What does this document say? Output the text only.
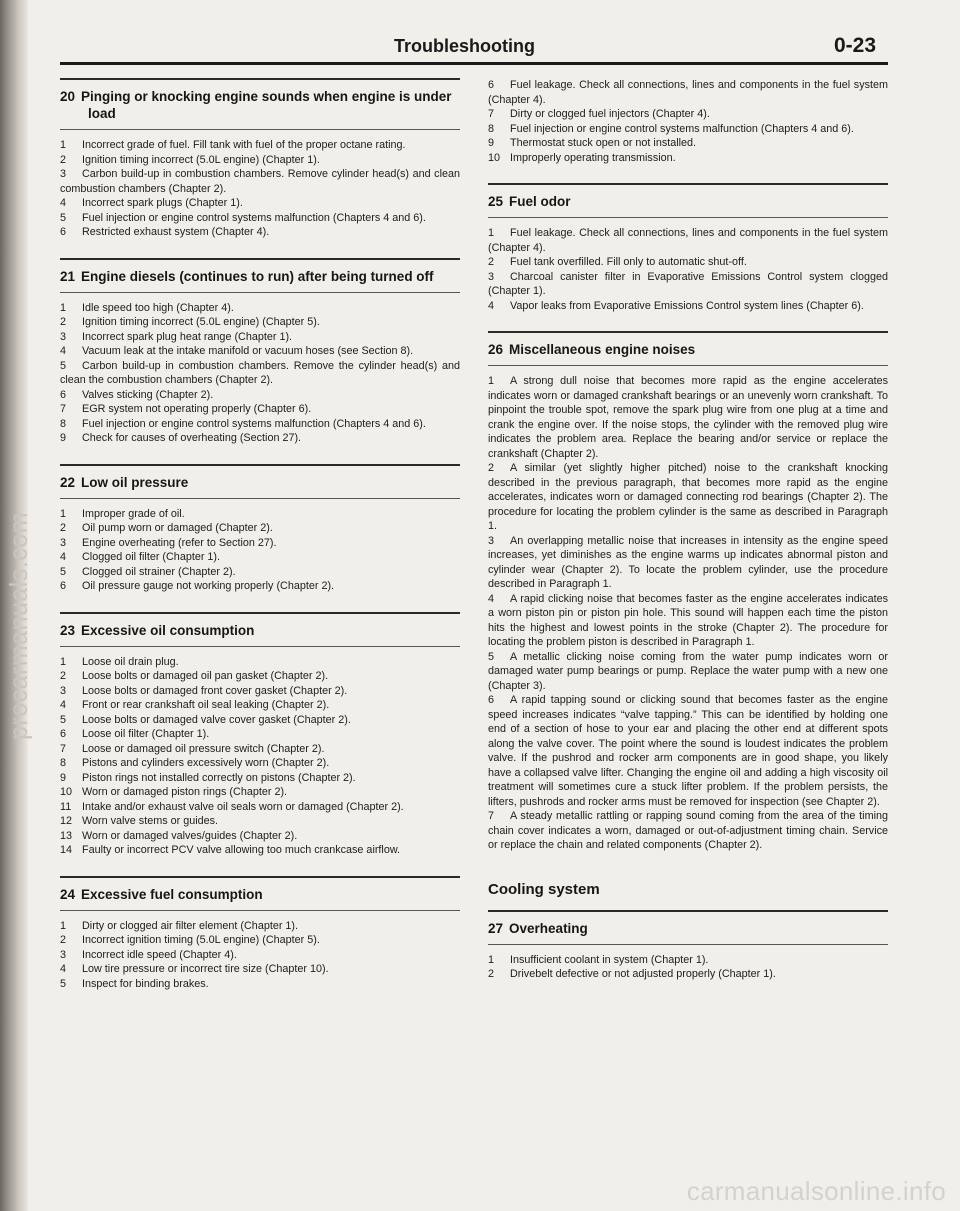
procarmanuals.com
Troubleshooting	0-23
20 Pinging or knocking engine sounds when engine is under load

1 Incorrect grade of fuel. Fill tank with fuel of the proper octane rating.

2 Ignition timing incorrect (5.0L engine) (Chapter 1).

3 Carbon build-up in combustion chambers. Remove cylinder head(s) and clean combustion chambers (Chapter 2).

4 Incorrect spark plugs (Chapter 1).

5 Fuel injection or engine control systems malfunction (Chapters 4 and 6).

6 Restricted exhaust system (Chapter 4).

21 Engine diesels (continues to run) after being turned off

1 Idle speed too high (Chapter 4).

2 Ignition timing incorrect (5.0L engine) (Chapter 5).

3 Incorrect spark plug heat range (Chapter 1).

4 Vacuum leak at the intake manifold or vacuum hoses (see Section 8).

5 Carbon build-up in combustion chambers. Remove the cylinder head(s) and clean the combustion chambers (Chapter 2).

6 Valves sticking (Chapter 2).

7 EGR system not operating properly (Chapter 6).

8 Fuel injection or engine control systems malfunction (Chapters 4 and 6).

9 Check for causes of overheating (Section 27).

22 Low oil pressure

1 Improper grade of oil.

2 Oil pump worn or damaged (Chapter 2).

3 Engine overheating (refer to Section 27).

4 Clogged oil filter (Chapter 1).

5 Clogged oil strainer (Chapter 2).

6 Oil pressure gauge not working properly (Chapter 2).

23 Excessive oil consumption

1 Loose oil drain plug.

2 Loose bolts or damaged oil pan gasket (Chapter 2).

3 Loose bolts or damaged front cover gasket (Chapter 2).

4 Front or rear crankshaft oil seal leaking (Chapter 2).

5 Loose bolts or damaged valve cover gasket (Chapter 2).

6 Loose oil filter (Chapter 1).

7 Loose or damaged oil pressure switch (Chapter 2).

8 Pistons and cylinders excessively worn (Chapter 2).

9 Piston rings not installed correctly on pistons (Chapter 2).

10 Worn or damaged piston rings (Chapter 2).

11 Intake and/or exhaust valve oil seals worn or damaged (Chapter 2).

12 Worn valve stems or guides.

13 Worn or damaged valves/guides (Chapter 2).

14 Faulty or incorrect PCV valve allowing too much crankcase airflow.

24 Excessive fuel consumption

1 Dirty or clogged air filter element (Chapter 1).

2 Incorrect ignition timing (5.0L engine) (Chapter 5).

3 Incorrect idle speed (Chapter 4).

4 Low tire pressure or incorrect tire size (Chapter 10).

5 Inspect for binding brakes.

6 Fuel leakage. Check all connections, lines and components in the fuel system (Chapter 4).

7 Dirty or clogged fuel injectors (Chapter 4).

8 Fuel injection or engine control systems malfunction (Chapters 4 and 6).

9 Thermostat stuck open or not installed.

10 Improperly operating transmission.

25 Fuel odor

1 Fuel leakage. Check all connections, lines and components in the fuel system (Chapter 4).

2 Fuel tank overfilled. Fill only to automatic shut-off.

3 Charcoal canister filter in Evaporative Emissions Control system clogged (Chapter 1).

4 Vapor leaks from Evaporative Emissions Control system lines (Chapter 6).

26 Miscellaneous engine noises

1 A strong dull noise that becomes more rapid as the engine accelerates indicates worn or damaged crankshaft bearings or an unevenly worn crankshaft. To pinpoint the trouble spot, remove the spark plug wire from one plug at a time and crank the engine over. If the noise stops, the cylinder with the removed plug wire indicates the problem area. Replace the bearing and/or service or replace the crankshaft (Chapter 2).

2 A similar (yet slightly higher pitched) noise to the crankshaft knocking described in the previous paragraph, that becomes more rapid as the engine accelerates, indicates worn or damaged connecting rod bearings (Chapter 2). The procedure for locating the problem cylinder is the same as described in Paragraph 1.

3 An overlapping metallic noise that increases in intensity as the engine speed increases, yet diminishes as the engine warms up indicates abnormal piston and cylinder wear (Chapter 2). To locate the problem cylinder, use the procedure described in Paragraph 1.

4 A rapid clicking noise that becomes faster as the engine accelerates indicates a worn piston pin or piston pin hole. This sound will happen each time the piston hits the highest and lowest points in the stroke (Chapter 2). The procedure for locating the problem piston is described in Paragraph 1.

5 A metallic clicking noise coming from the water pump indicates worn or damaged water pump bearings or pump. Replace the water pump with a new one (Chapter 3).

6 A rapid tapping sound or clicking sound that becomes faster as the engine speed increases indicates “valve tapping.” This can be identified by holding one end of a section of hose to your ear and placing the other end at different spots along the valve cover. The point where the sound is loudest indicates the problem valve. If the pushrod and rocker arm components are in good shape, you likely have a collapsed valve lifter. Changing the engine oil and adding a high viscosity oil treatment will sometimes cure a stuck lifter problem. If the problem persists, the lifters, pushrods and rocker arms must be removed for inspection (see Chapter 2).

7 A steady metallic rattling or rapping sound coming from the area of the timing chain cover indicates a worn, damaged or out-of-adjustment timing chain. Service or replace the chain and related components (Chapter 2).

Cooling system
27 Overheating

1 Insufficient coolant in system (Chapter 1).

2 Drivebelt defective or not adjusted properly (Chapter 1).

carmanualsonline.info
